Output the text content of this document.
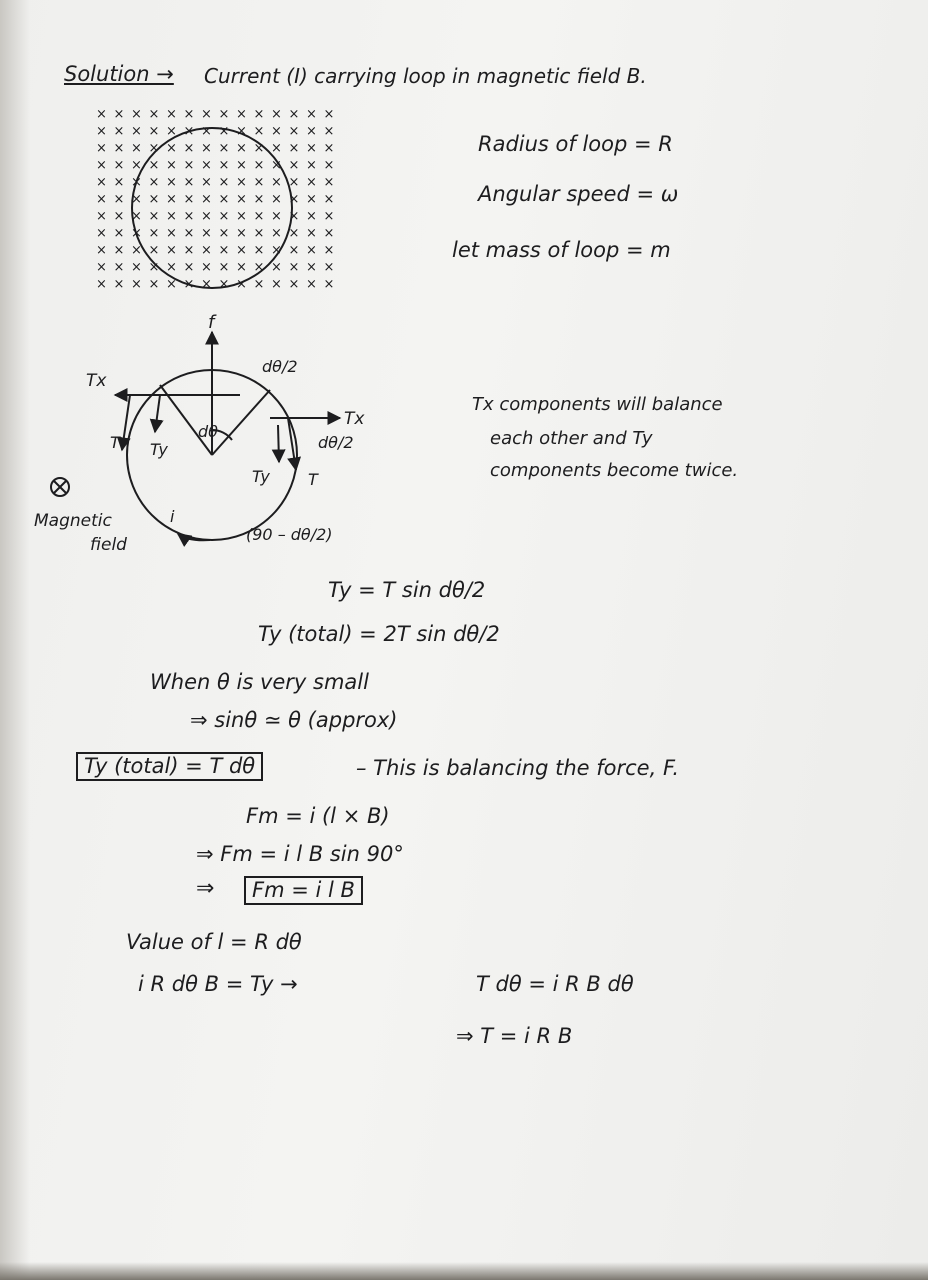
Solution → Current (I) carrying loop in magnetic field B.
Radius of loop = R
Angular speed = ω
let mass of loop = m
Tx components will balance
each other and Ty
components become twice.
Ty = T sin dθ/2
Ty (total) = 2T sin dθ/2
When θ is very small
⇒ sinθ ≃ θ (approx)
Ty (total) = T dθ	– This is balancing the force, F.
Fm = i (l × B)
⇒ Fm = i l B sin 90°
⇒	Fm = i l B
Value of l = R dθ
i R dθ B = Ty →	T dθ = i R B dθ
⇒ T = i R B
× × × × × × × × × × × × × ×
× × × × × × × × × × × × × ×
× × × × × × × × × × × × × ×
× × × × × × × × × × × × × ×
× × × × × × × × × × × × × ×
× × × × × × × × × × × × × ×
× × × × × × × × × × × × × ×
× × × × × × × × × × × × × ×
× × × × × × × × × × × × × ×
× × × × × × × × × × × × × ×
× × × × × × × × × × × × × ×
f
Tx
Tx
T Ty
Ty T
dθ
dθ/2
dθ/2
(90 – dθ/2)
i
Magnetic
field
